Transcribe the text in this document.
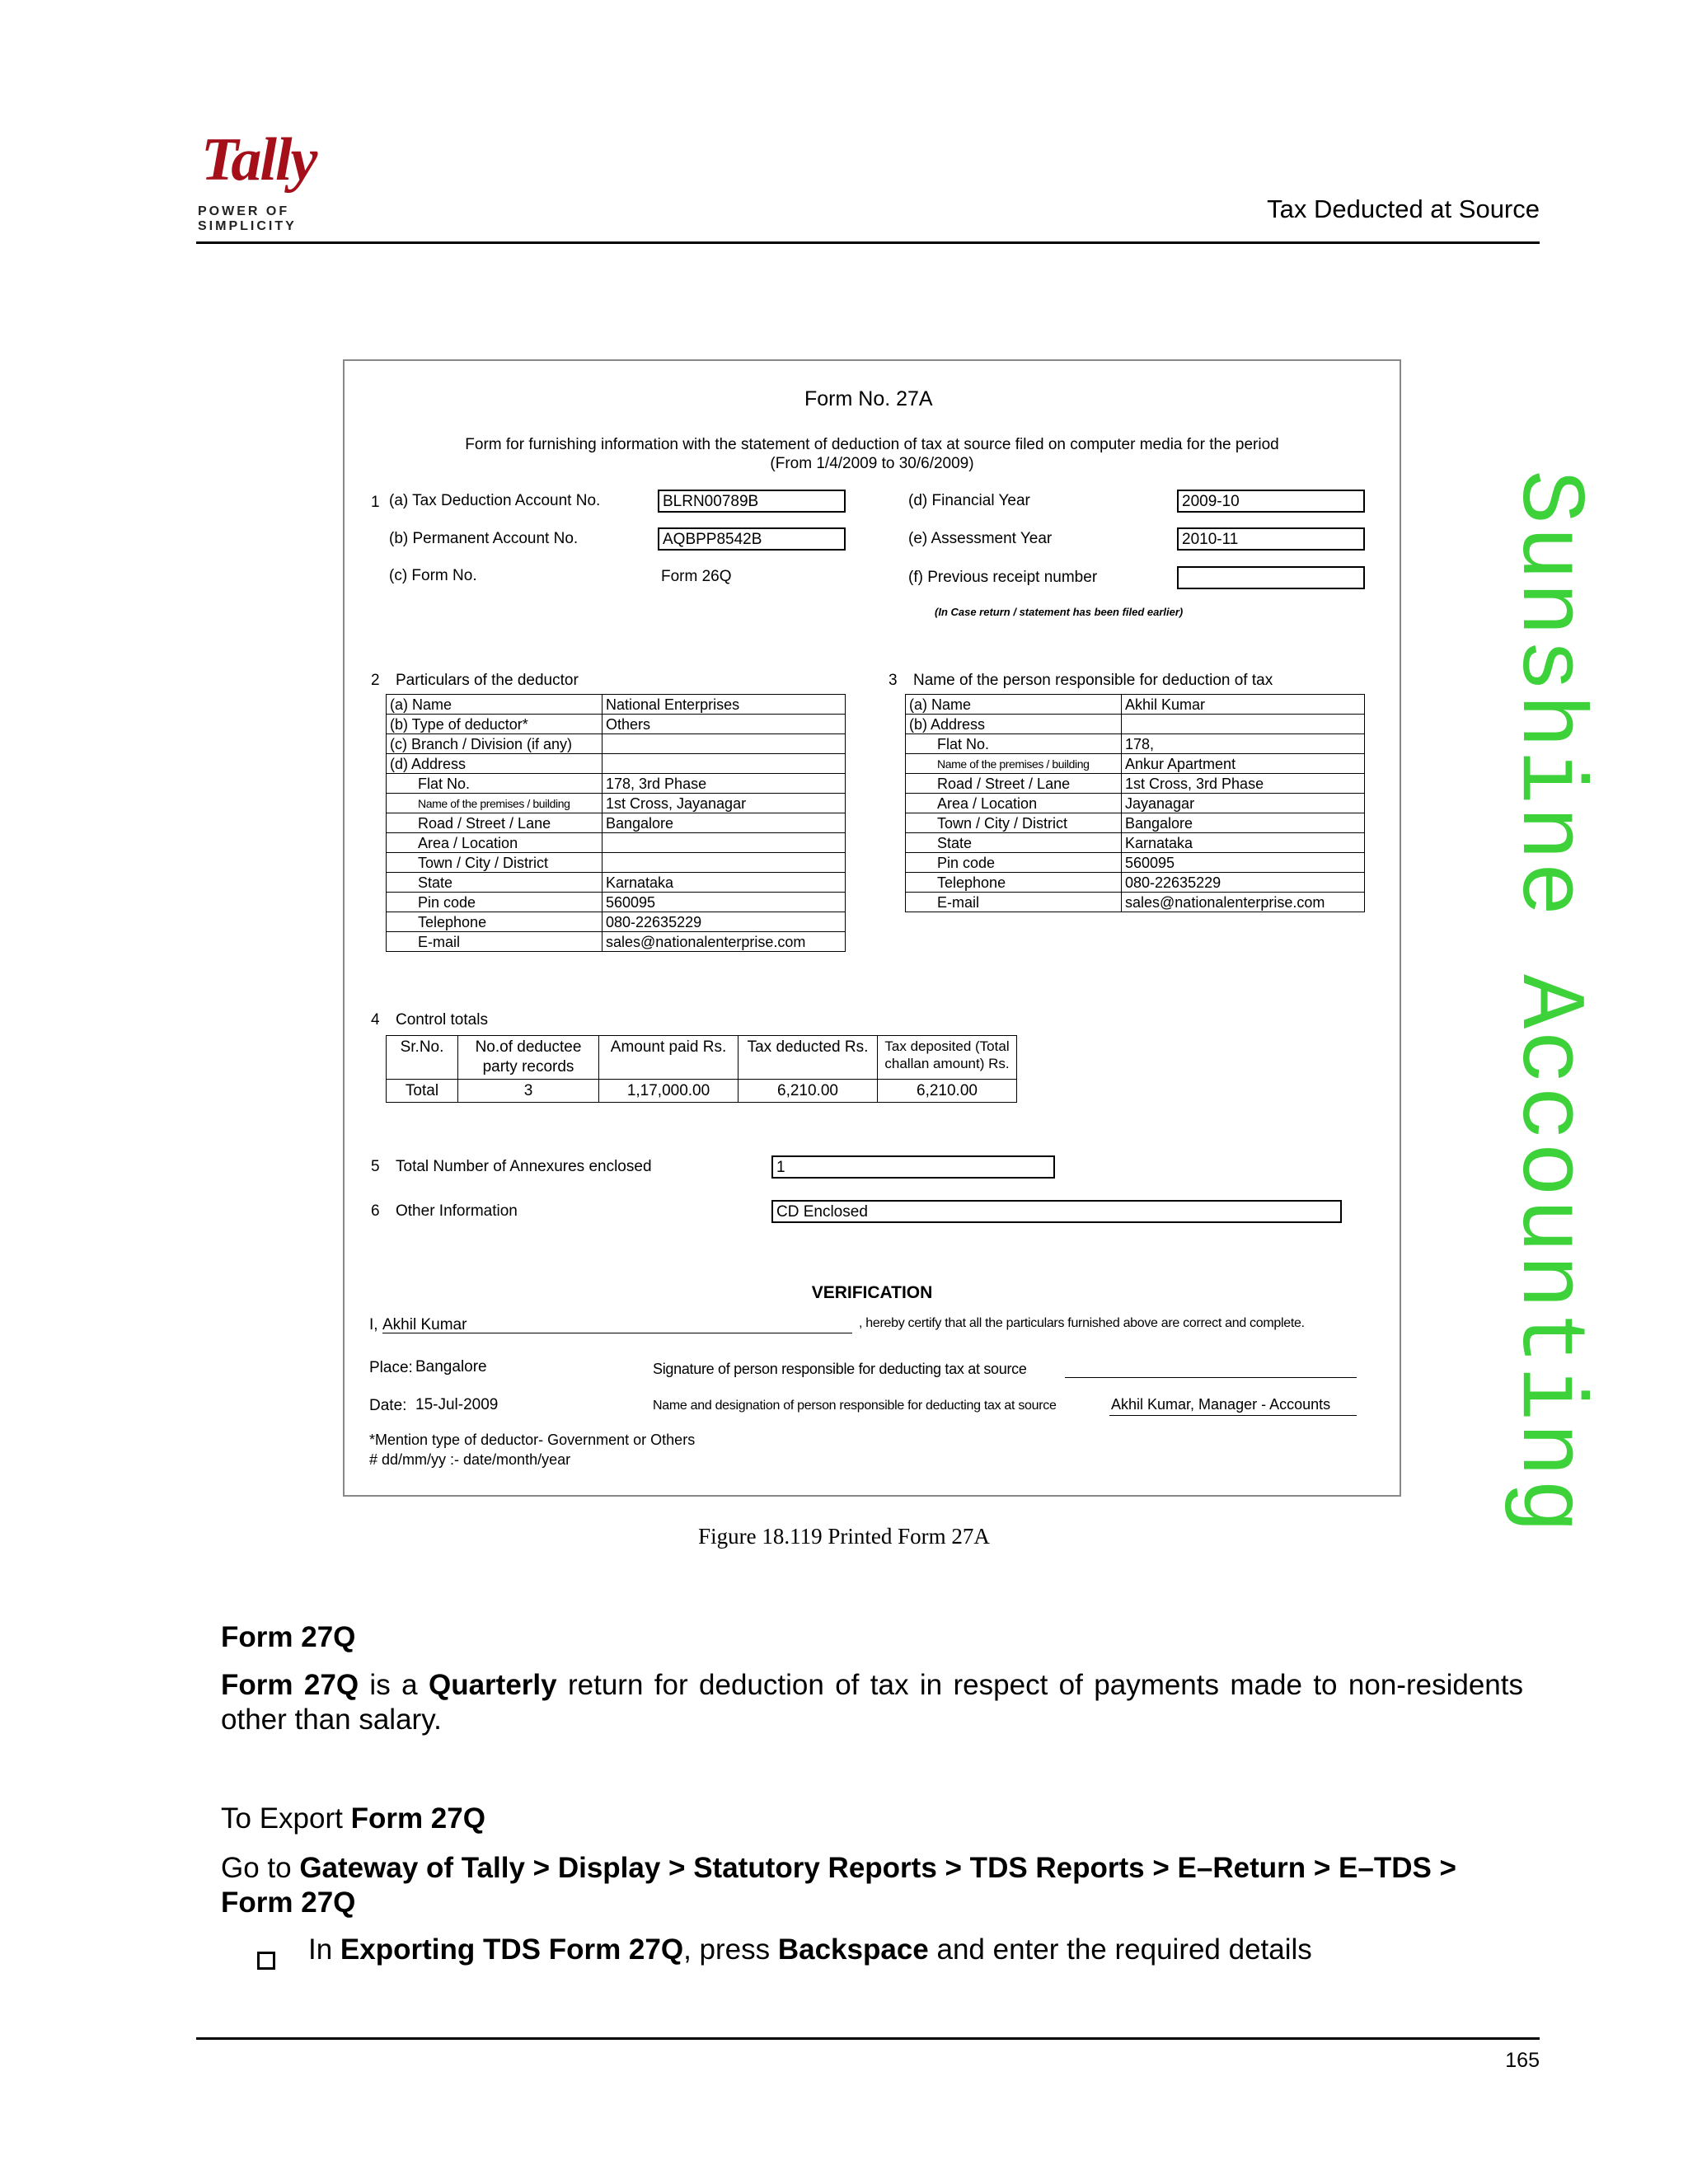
Tally
POWER OF SIMPLICITY
Tax Deducted at Source
Sunshine Accounting
Form No. 27A
Form for furnishing information with the statement of deduction of tax at source filed on computer media for the period
(From 1/4/2009 to 30/6/2009)
1 (a) Tax Deduction Account No.	BLRN00789B
(b) Permanent Account No.	AQBPP8542B
(c) Form No.	Form 26Q
(d) Financial Year	2009-10
(e) Assessment Year	2010-11
(f) Previous receipt number
(In Case return / statement has been filed earlier)
2 Particulars of the deductor
(a) Name	National Enterprises
(b) Type of deductor*	Others
(c) Branch / Division (if any)	
(d) Address	
Flat No.	178, 3rd Phase
Name of the premises / building	1st Cross, Jayanagar
Road / Street / Lane	Bangalore
Area / Location	
Town / City / District	
State	Karnataka
Pin code	560095
Telephone	080-22635229
E-mail	sales@nationalenterprise.com
3 Name of the person responsible for deduction of tax
(a) Name	Akhil Kumar
(b) Address	
Flat No.	178,
Name of the premises / building	Ankur Apartment
Road / Street / Lane	1st Cross, 3rd Phase
Area / Location	Jayanagar
Town / City / District	Bangalore
State	Karnataka
Pin code	560095
Telephone	080-22635229
E-mail	sales@nationalenterprise.com
4 Control totals
Sr.No.	No.of deductee party records	Amount paid Rs.	Tax deducted Rs.	Tax deposited (Total challan amount) Rs.
Total	3	1,17,000.00	6,210.00	6,210.00
5 Total Number of Annexures enclosed	1
6 Other Information	CD Enclosed
VERIFICATION
I, Akhil Kumar	, hereby certify that all the particulars furnished above are correct and complete.
Place: Bangalore	Signature of person responsible for deducting tax at source
Date: 15-Jul-2009	Name and designation of person responsible for deducting tax at source	Akhil Kumar, Manager - Accounts
*Mention type of deductor- Government or Others
# dd/mm/yy :- date/month/year
Figure 18.119 Printed Form 27A
Form 27Q
Form 27Q is a Quarterly return for deduction of tax in respect of payments made to non-residents other than salary.
To Export Form 27Q
Go to Gateway of Tally > Display > Statutory Reports > TDS Reports > E–Return > E–TDS > Form 27Q
In Exporting TDS Form 27Q, press Backspace and enter the required details
165
